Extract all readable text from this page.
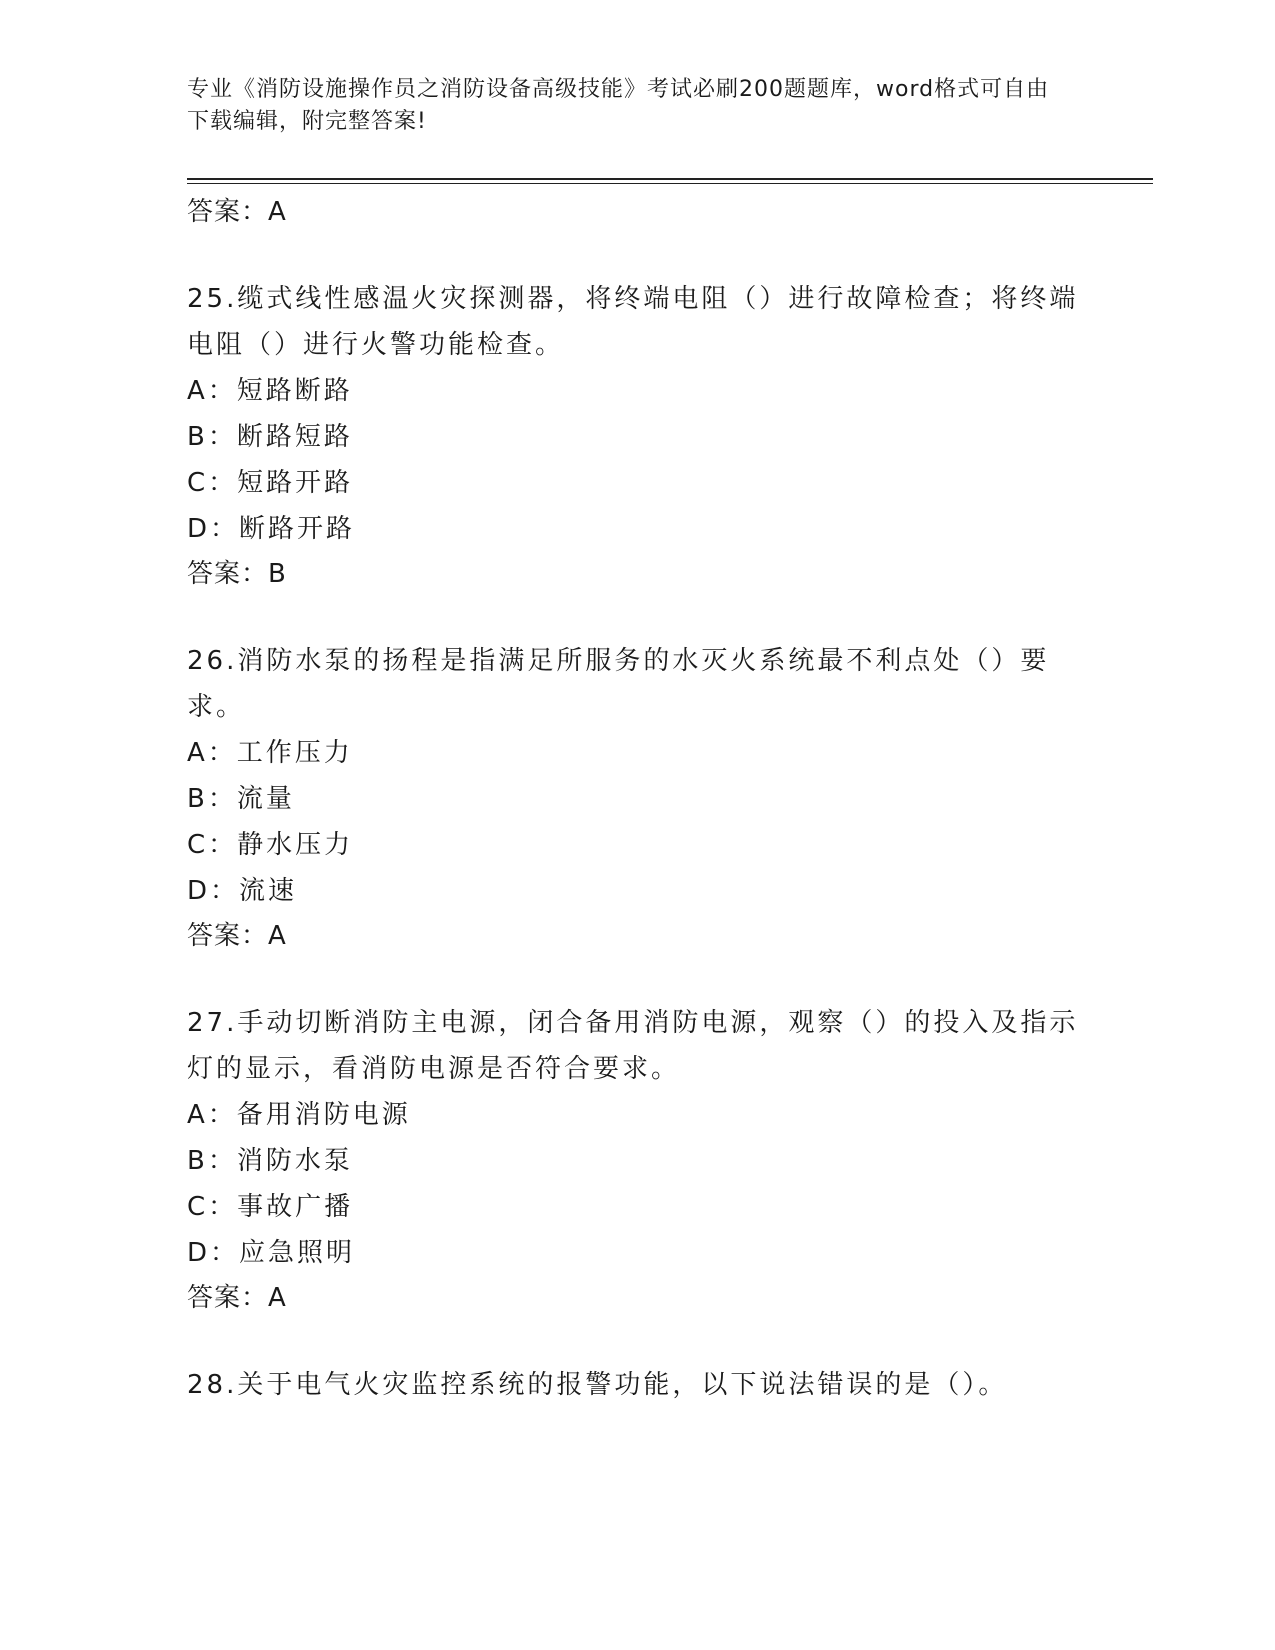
专业《消防设施操作员之消防设备高级技能》考试必刷200题题库，word格式可自由下载编辑，附完整答案!
答案：A
25.缆式线性感温火灾探测器，将终端电阻（）进行故障检查；将终端电阻（）进行火警功能检查。
A：短路断路
B：断路短路
C：短路开路
D：断路开路
答案：B
26.消防水泵的扬程是指满足所服务的水灭火系统最不利点处（）要求。
A：工作压力
B：流量
C：静水压力
D：流速
答案：A
27.手动切断消防主电源，闭合备用消防电源，观察（）的投入及指示灯的显示，看消防电源是否符合要求。
A：备用消防电源
B：消防水泵
C：事故广播
D：应急照明
答案：A
28.关于电气火灾监控系统的报警功能，以下说法错误的是（）。
